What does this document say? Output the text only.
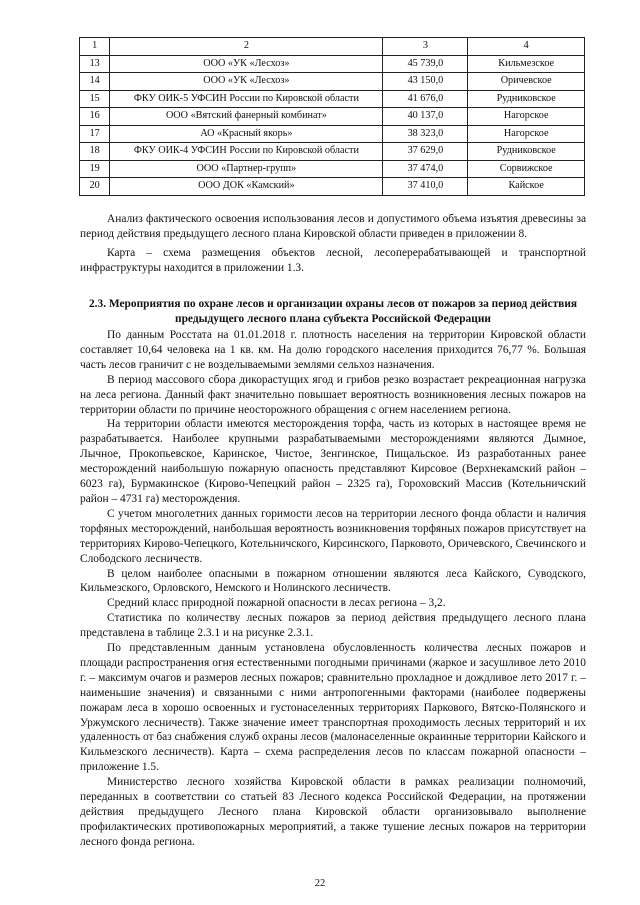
1	2	3	4
13	ООО «УК «Лесхоз»	45 739,0	Кильмезское
14	ООО «УК «Лесхоз»	43 150,0	Оричевское
15	ФКУ ОИК-5 УФСИН России по Кировской области	41 676,0	Рудниковское
16	ООО «Вятский фанерный комбинат»	40 137,0	Нагорское
17	АО «Красный якорь»	38 323,0	Нагорское
18	ФКУ ОИК-4 УФСИН России по Кировской области	37 629,0	Рудниковское
19	ООО «Партнер-групп»	37 474,0	Сорвижское
20	ООО ДОК «Камский»	37 410,0	Кайское

Анализ фактического освоения использования лесов и допустимого объема изъятия древесины за период действия предыдущего лесного плана Кировской области приведен в приложении 8.

Карта – схема размещения объектов лесной, лесоперерабатывающей и транспортной инфраструктуры находится в приложении 1.3.

2.3. Мероприятия по охране лесов и организации охраны лесов от пожаров за период действия предыдущего лесного плана субъекта Российской Федерации

По данным Росстата на 01.01.2018 г. плотность населения на территории Кировской области составляет 10,64 человека на 1 кв. км. На долю городского населения приходится 76,77 %. Большая часть лесов граничит с не возделываемыми землями сельхоз назначения.

В период массового сбора дикорастущих ягод и грибов резко возрастает рекреационная нагрузка на леса региона. Данный факт значительно повышает вероятность возникновения лесных пожаров на территории области по причине неосторожного обращения с огнем населением региона.

На территории области имеются месторождения торфа, часть из которых в настоящее время не разрабатывается. Наиболее крупными разрабатываемыми месторождениями являются Дымное, Лычное, Прокопьевское, Каринское, Чистое, Зенгинское, Пищальское. Из разработанных ранее месторождений наибольшую пожарную опасность представляют Кирсовое (Верхнекамский район – 6023 га), Бурмакинское (Кирово-Чепецкий район – 2325 га), Гороховский Массив (Котельничский район – 4731 га) месторождения.

С учетом многолетних данных горимости лесов на территории лесного фонда области и наличия торфяных месторождений, наибольшая вероятность возникновения торфяных пожаров присутствует на территориях Кирово-Чепецкого, Котельничского, Кирсинского, Парковото, Оричевского, Свечинского и Слободского лесничеств.

В целом наиболее опасными в пожарном отношении являются леса Кайского, Суводского, Кильмезского, Орловского, Немского и Нолинского лесничеств.

Средний класс природной пожарной опасности в лесах региона – 3,2.

Статистика по количеству лесных пожаров за период действия предыдущего лесного плана представлена в таблице 2.3.1 и на рисунке 2.3.1.

По представленным данным установлена обусловленность количества лесных пожаров и площади распространения огня естественными погодными причинами (жаркое и засушливое лето 2010 г. – максимум очагов и размеров лесных пожаров; сравнительно прохладное и дождливое лето 2017 г. – наименьшие значения) и связанными с ними антропогенными факторами (наиболее подвержены пожарам леса в хорошо освоенных и густонаселенных территориях Паркового, Вятско-Полянского и Уржумского лесничеств). Также значение имеет транспортная проходимость лесных территорий и их удаленность от баз снабжения служб охраны лесов (малонаселенные окраинные территории Кайского и Кильмезского лесничеств). Карта – схема распределения лесов по классам пожарной опасности – приложение 1.5.

Министерство лесного хозяйства Кировской области в рамках реализации полномочий, переданных в соответствии со статьей 83 Лесного кодекса Российской Федерации, на протяжении действия предыдущего Лесного плана Кировской области организовывало выполнение профилактических противопожарных мероприятий, а также тушение лесных пожаров на территории лесного фонда региона.

22
